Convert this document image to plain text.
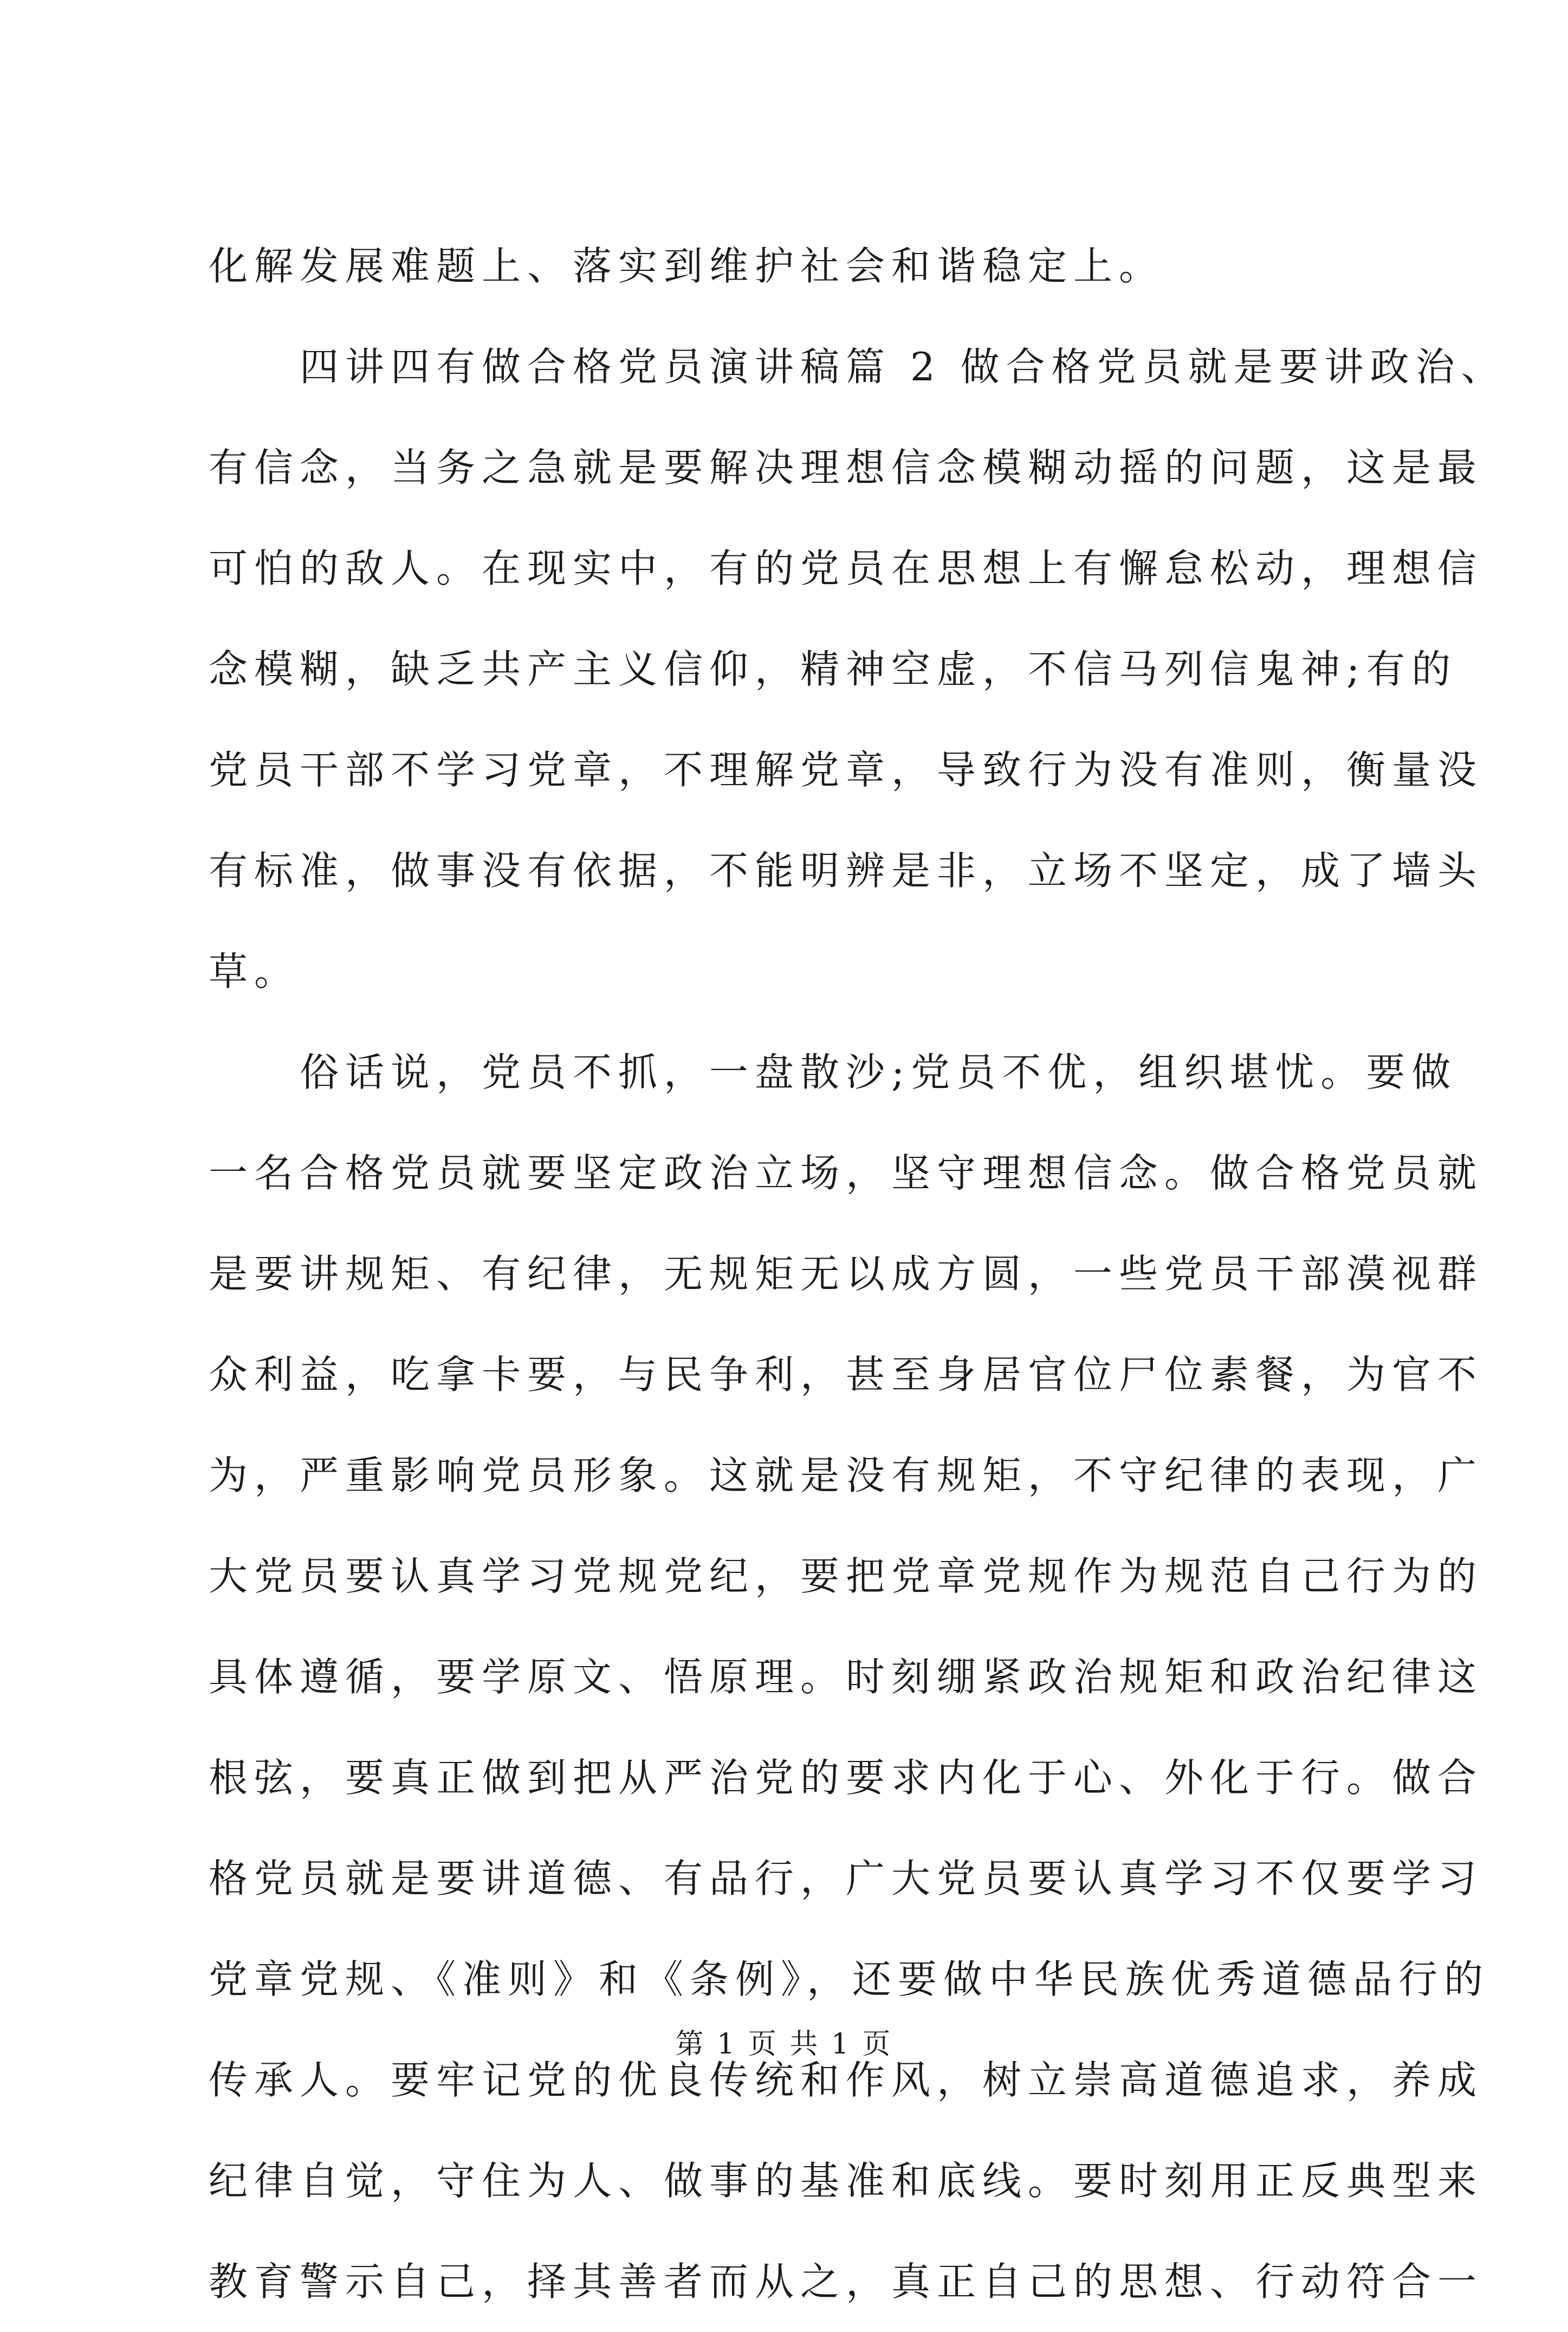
化解发展难题上、落实到维护社会和谐稳定上。
四讲四有做合格党员演讲稿篇 2 做合格党员就是要讲政治、
有信念，当务之急就是要解决理想信念模糊动摇的问题，这是最
可怕的敌人。在现实中，有的党员在思想上有懈怠松动，理想信
念模糊，缺乏共产主义信仰，精神空虚，不信马列信鬼神;有的
党员干部不学习党章，不理解党章，导致行为没有准则，衡量没
有标准，做事没有依据，不能明辨是非，立场不坚定，成了墙头
草。
俗话说，党员不抓，一盘散沙;党员不优，组织堪忧。要做
一名合格党员就要坚定政治立场，坚守理想信念。做合格党员就
是要讲规矩、有纪律，无规矩无以成方圆，一些党员干部漠视群
众利益，吃拿卡要，与民争利，甚至身居官位尸位素餐，为官不
为，严重影响党员形象。这就是没有规矩，不守纪律的表现，广
大党员要认真学习党规党纪，要把党章党规作为规范自己行为的
具体遵循，要学原文、悟原理。时刻绷紧政治规矩和政治纪律这
根弦，要真正做到把从严治党的要求内化于心、外化于行。做合
格党员就是要讲道德、有品行，广大党员要认真学习不仅要学习
党章党规、《准则》和《条例》，还要做中华民族优秀道德品行的
传承人。要牢记党的优良传统和作风，树立崇高道德追求，养成
纪律自觉，守住为人、做事的基准和底线。要时刻用正反典型来
教育警示自己，择其善者而从之，真正自己的思想、行动符合一
第 1 页 共 1 页
